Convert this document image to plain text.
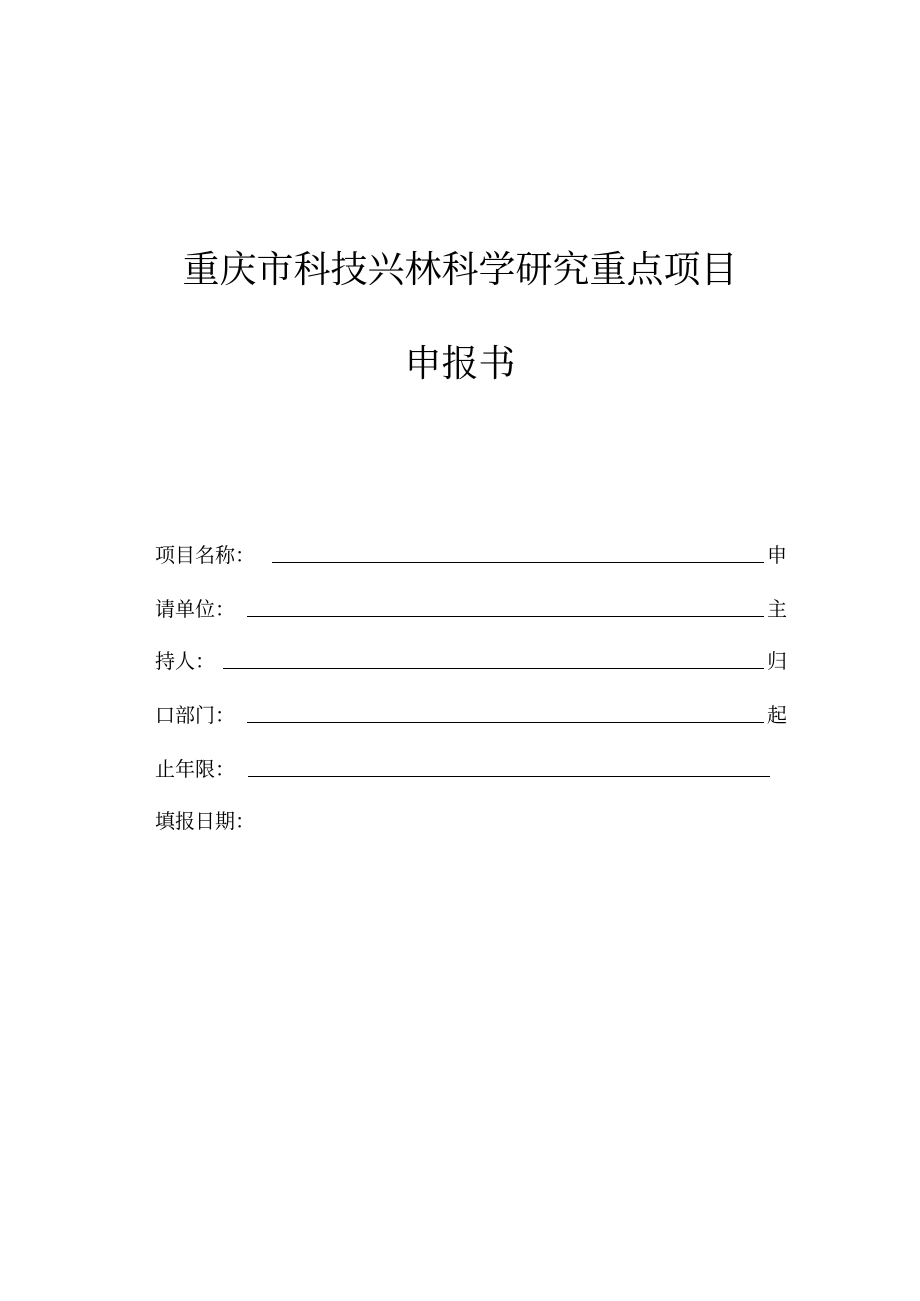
重庆市科技兴林科学研究重点项目
申报书
项目名称：	申
请单位：	主
持人：	归
口部门：	起
止年限：
填报日期：
